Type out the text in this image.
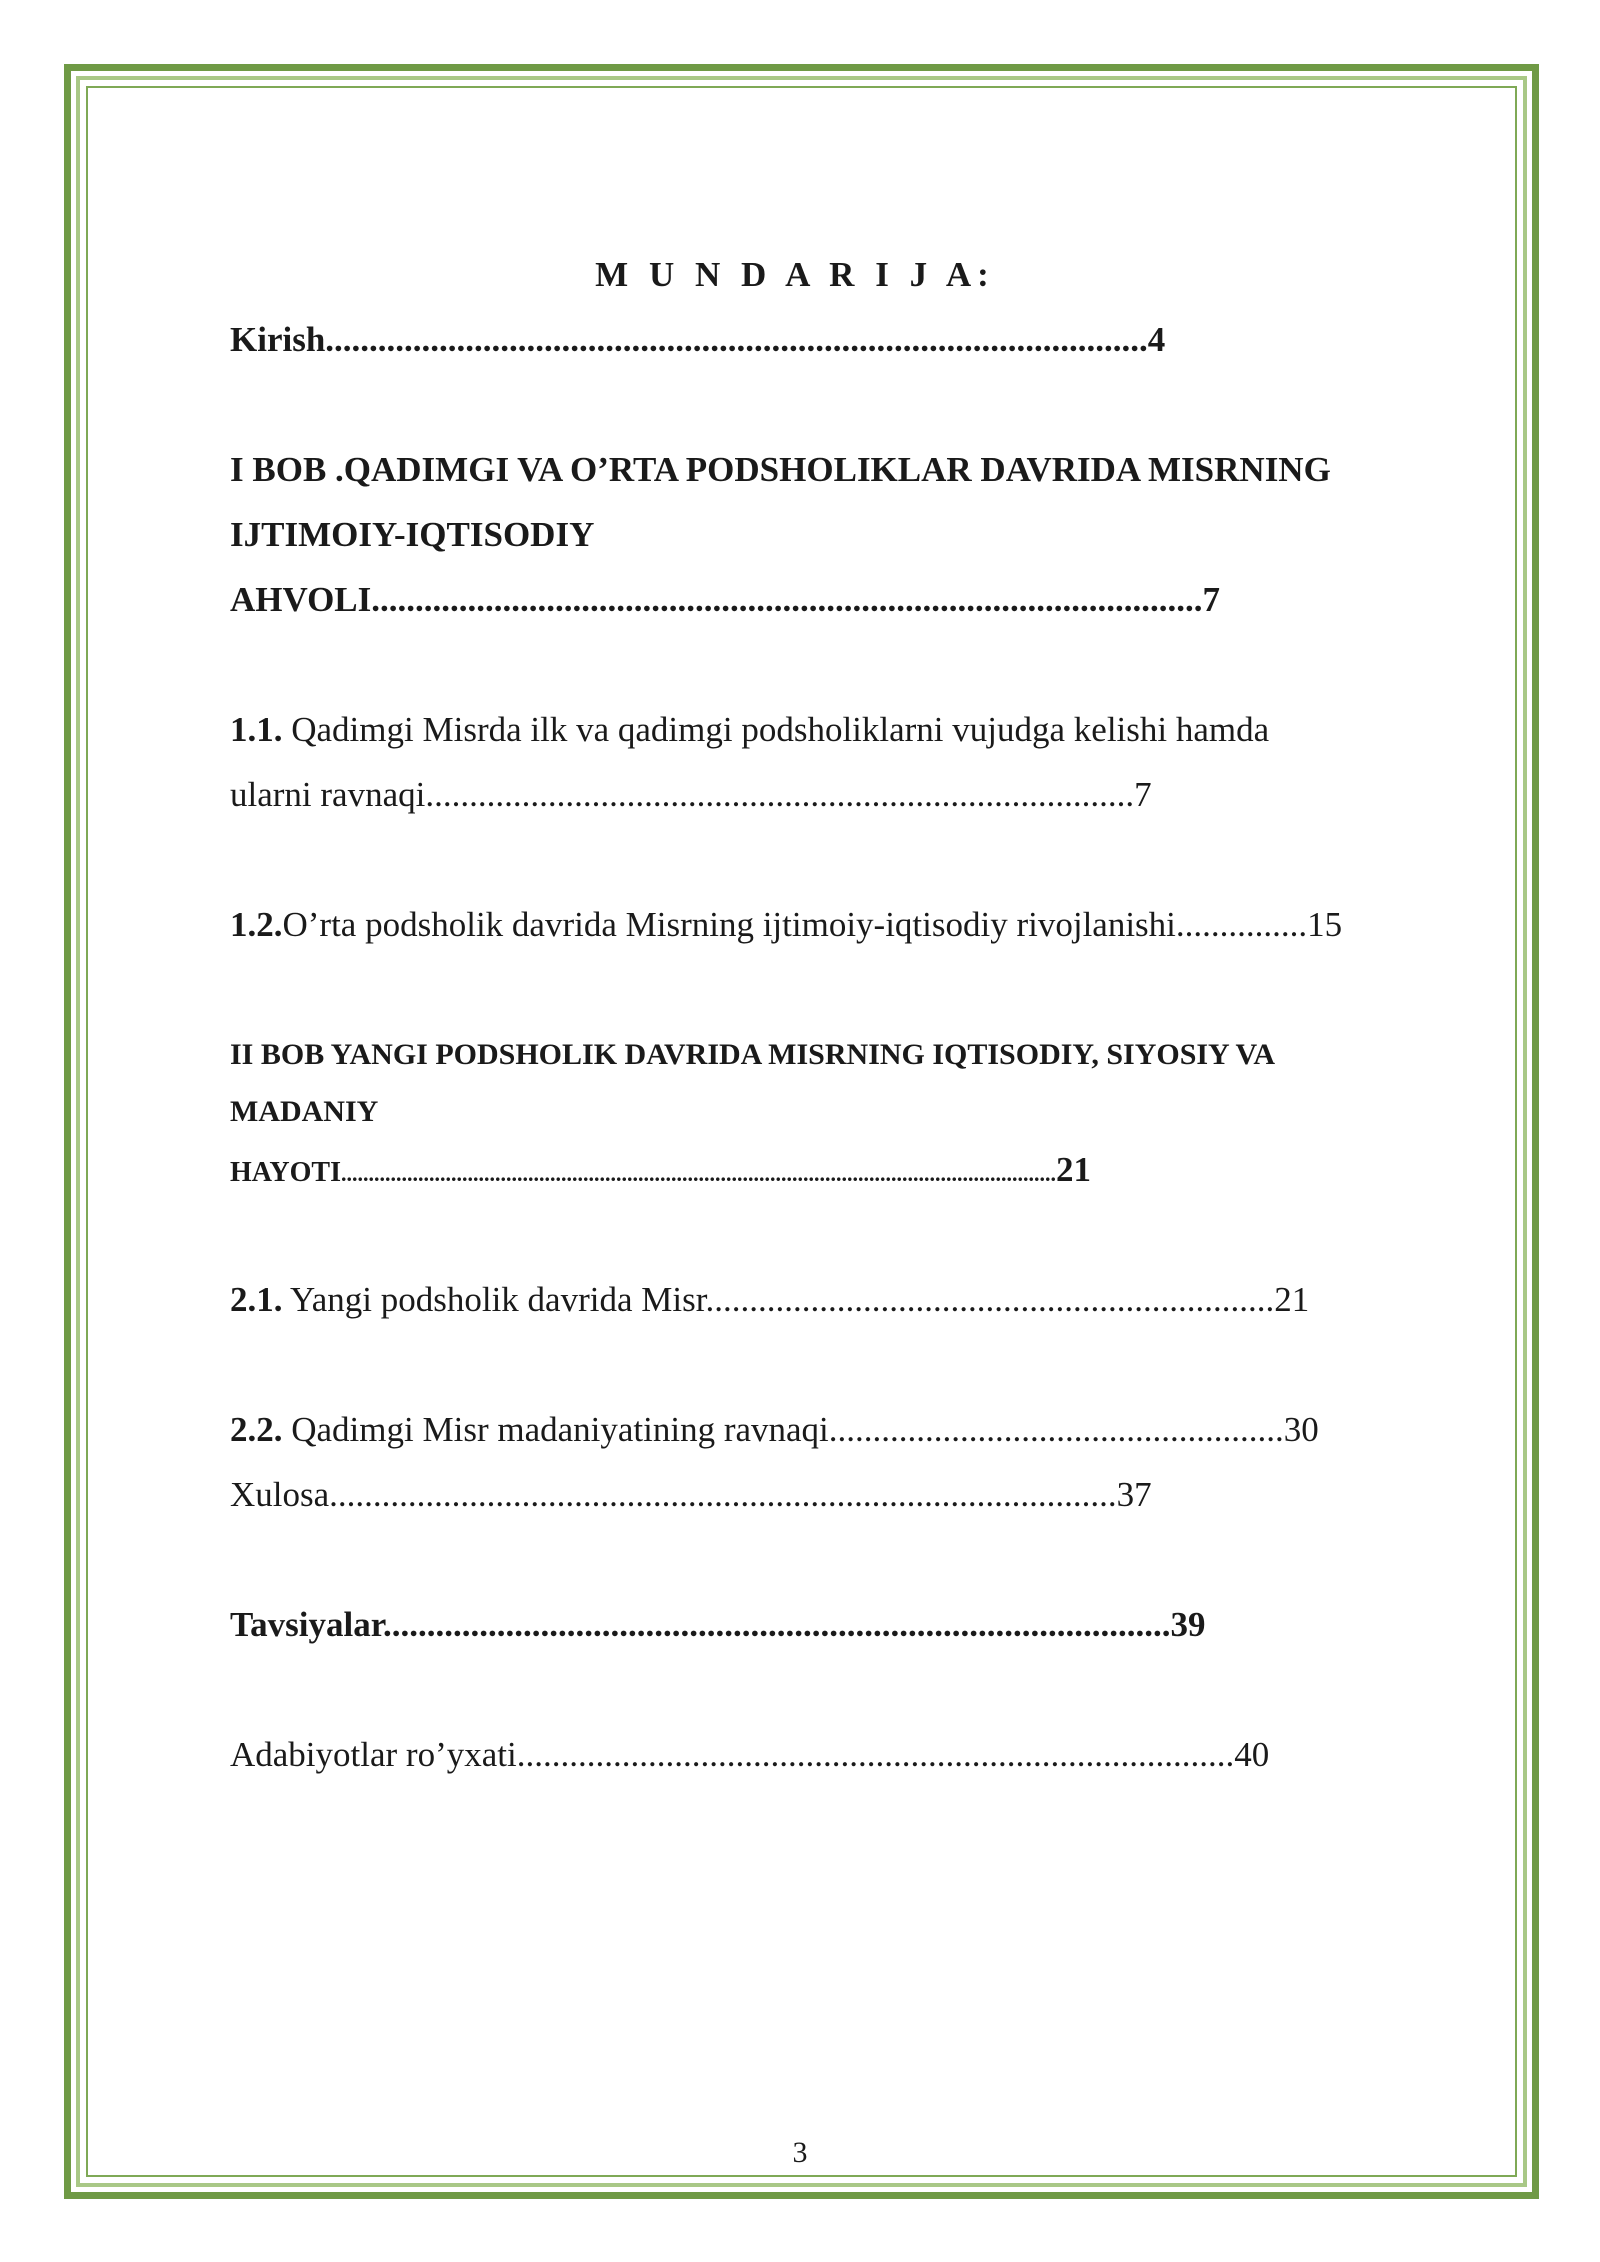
M U N D A R I J A:
Kirish..............................................................................................4
I BOB .QADIMGI VA O’RTA PODSHOLIKLAR DAVRIDA MISRNING
IJTIMOIY-IQTISODIY
AHVOLI...............................................................................................7
1.1. Qadimgi Misrda ilk va qadimgi podsholiklarni vujudga kelishi hamda
ularni ravnaqi.................................................................................7
1.2.O’rta podsholik davrida Misrning ijtimoiy-iqtisodiy rivojlanishi...............15
II BOB YANGI PODSHOLIK DAVRIDA MISRNING IQTISODIY, SIYOSIY VA
MADANIY
HAYOTI..................................................................................................................................21
2.1. Yangi podsholik davrida Misr.................................................................21
2.2. Qadimgi Misr madaniyatining ravnaqi....................................................30
Xulosa..........................................................................................37
Tavsiyalar..........................................................................................39
Adabiyotlar ro’yxati..................................................................................40
3
